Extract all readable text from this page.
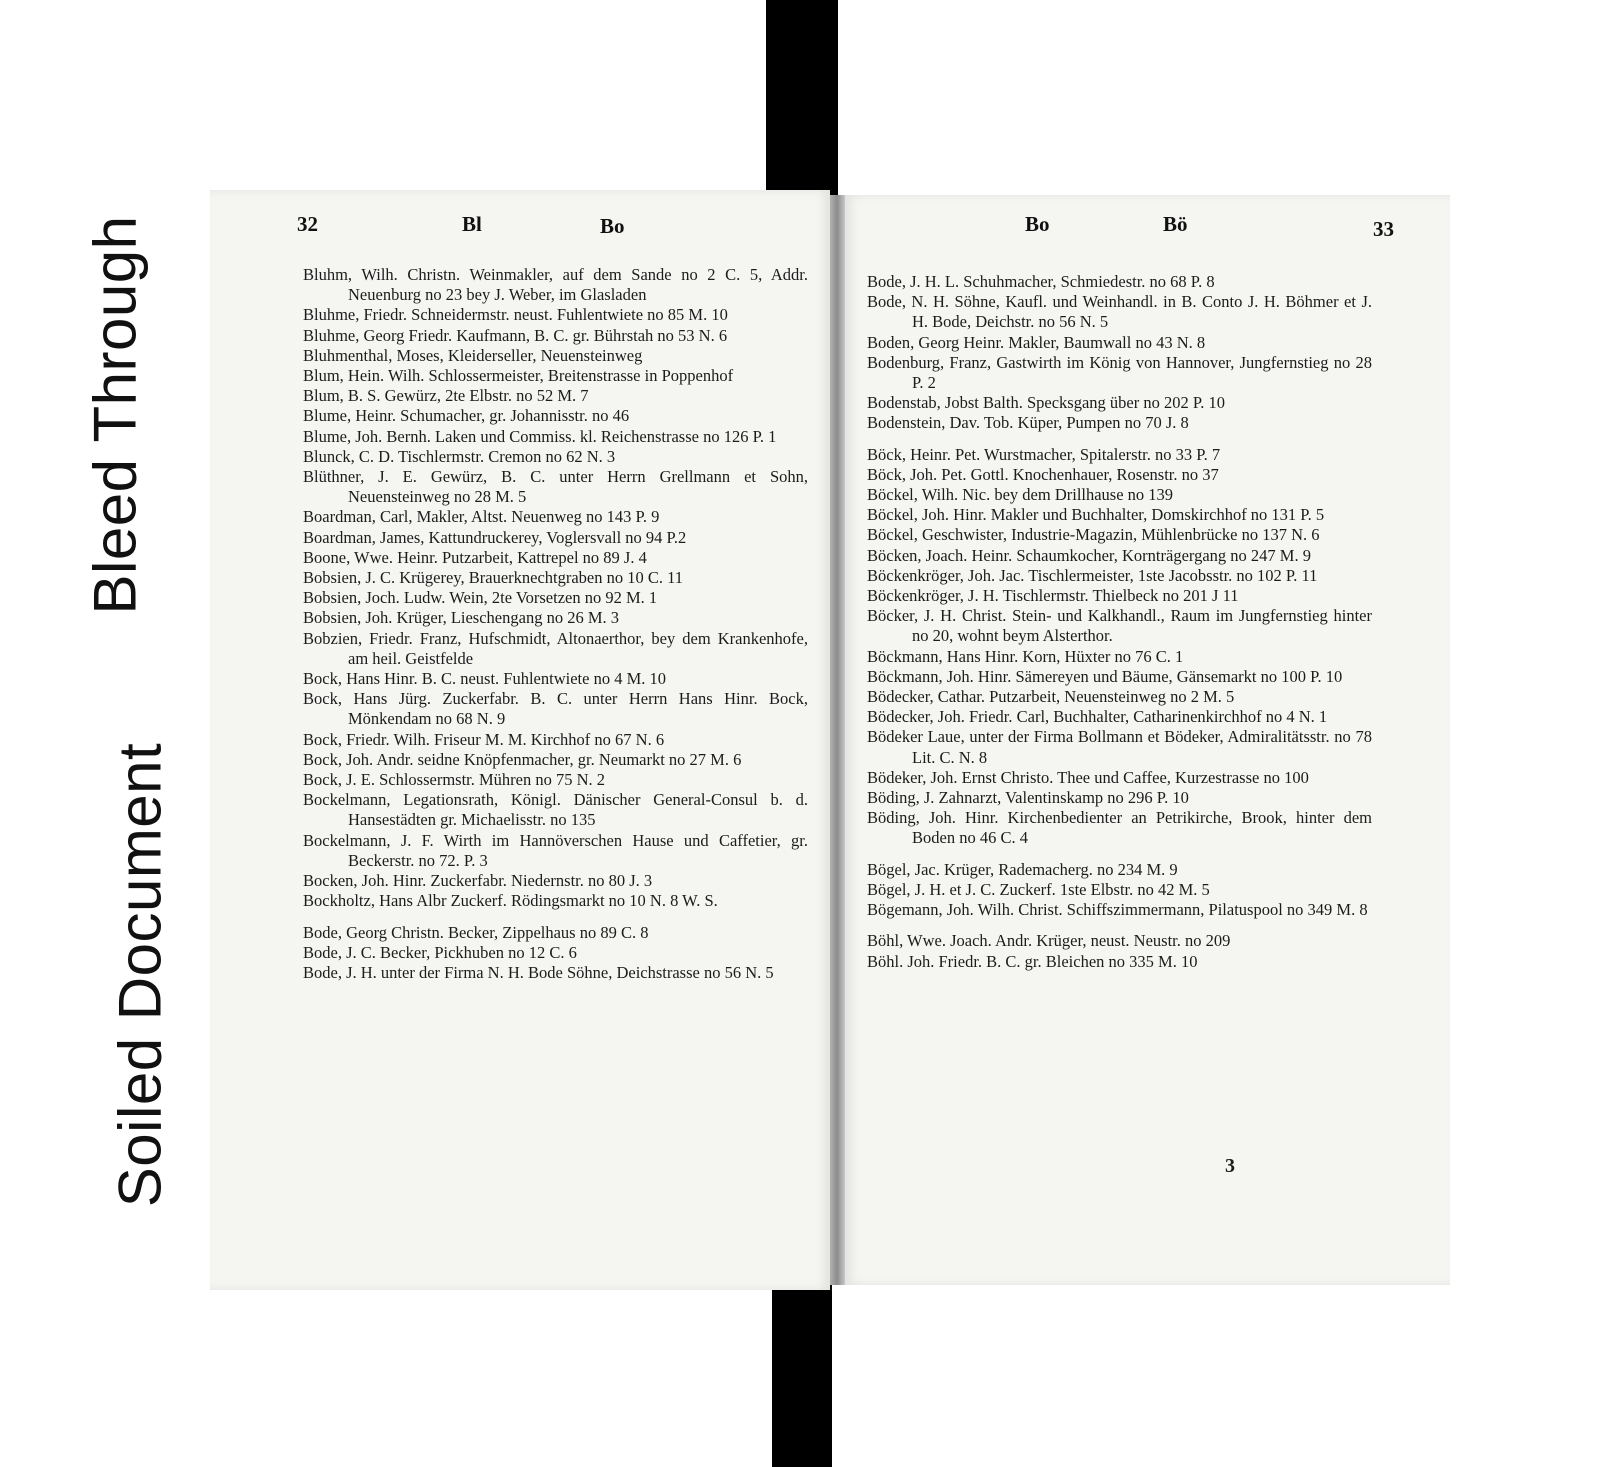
Bleed Through
Soiled Document
32	Bl	Bo
Bluhm, Wilh. Christn. Weinmakler, auf dem Sande no 2 C. 5, Addr. Neuenburg no 23 bey J. Weber, im Glasladen
Bluhme, Friedr. Schneidermstr. neust. Fuhlentwiete no 85 M. 10
Bluhme, Georg Friedr. Kaufmann, B. C. gr. Bührstah no 53 N. 6
Bluhmenthal, Moses, Kleiderseller, Neuensteinweg
Blum, Hein. Wilh. Schlossermeister, Breitenstrasse in Poppenhof
Blum, B. S. Gewürz, 2te Elbstr. no 52 M. 7
Blume, Heinr. Schumacher, gr. Johannisstr. no 46
Blume, Joh. Bernh. Laken und Commiss. kl. Reichenstrasse no 126 P. 1
Blunck, C. D. Tischlermstr. Cremon no 62 N. 3
Blüthner, J. E. Gewürz, B. C. unter Herrn Grellmann et Sohn, Neuensteinweg no 28 M. 5
Boardman, Carl, Makler, Altst. Neuenweg no 143 P. 9
Boardman, James, Kattundruckerey, Voglersvall no 94 P.2
Boone, Wwe. Heinr. Putzarbeit, Kattrepel no 89 J. 4
Bobsien, J. C. Krügerey, Brauerknechtgraben no 10 C. 11
Bobsien, Joch. Ludw. Wein, 2te Vorsetzen no 92 M. 1
Bobsien, Joh. Krüger, Lieschengang no 26 M. 3
Bobzien, Friedr. Franz, Hufschmidt, Altonaerthor, bey dem Krankenhofe, am heil. Geistfelde
Bock, Hans Hinr. B. C. neust. Fuhlentwiete no 4 M. 10
Bock, Hans Jürg. Zuckerfabr. B. C. unter Herrn Hans Hinr. Bock, Mönkendam no 68 N. 9
Bock, Friedr. Wilh. Friseur M. M. Kirchhof no 67 N. 6
Bock, Joh. Andr. seidne Knöpfenmacher, gr. Neumarkt no 27 M. 6
Bock, J. E. Schlossermstr. Mühren no 75 N. 2
Bockelmann, Legationsrath, Königl. Dänischer General-Consul b. d. Hansestädten gr. Michaelisstr. no 135
Bockelmann, J. F. Wirth im Hannöverschen Hause und Caffetier, gr. Beckerstr. no 72. P. 3
Bocken, Joh. Hinr. Zuckerfabr. Niedernstr. no 80 J. 3
Bockholtz, Hans Albr Zuckerf. Rödingsmarkt no 10 N. 8 W. S.
Bode, Georg Christn. Becker, Zippelhaus no 89 C. 8
Bode, J. C. Becker, Pickhuben no 12 C. 6
Bode, J. H. unter der Firma N. H. Bode Söhne, Deichstrasse no 56 N. 5
Bo	Bö	33
Bode, J. H. L. Schuhmacher, Schmiedestr. no 68 P. 8
Bode, N. H. Söhne, Kaufl. und Weinhandl. in B. Conto J. H. Böhmer et J. H. Bode, Deichstr. no 56 N. 5
Boden, Georg Heinr. Makler, Baumwall no 43 N. 8
Bodenburg, Franz, Gastwirth im König von Hannover, Jungfernstieg no 28 P. 2
Bodenstab, Jobst Balth. Specksgang über no 202 P. 10
Bodenstein, Dav. Tob. Küper, Pumpen no 70 J. 8
Böck, Heinr. Pet. Wurstmacher, Spitalerstr. no 33 P. 7
Böck, Joh. Pet. Gottl. Knochenhauer, Rosenstr. no 37
Böckel, Wilh. Nic. bey dem Drillhause no 139
Böckel, Joh. Hinr. Makler und Buchhalter, Domskirchhof no 131 P. 5
Böckel, Geschwister, Industrie-Magazin, Mühlenbrücke no 137 N. 6
Böcken, Joach. Heinr. Schaumkocher, Kornträgergang no 247 M. 9
Böckenkröger, Joh. Jac. Tischlermeister, 1ste Jacobsstr. no 102 P. 11
Böckenkröger, J. H. Tischlermstr. Thielbeck no 201 J 11
Böcker, J. H. Christ. Stein- und Kalkhandl., Raum im Jungfernstieg hinter no 20, wohnt beym Alsterthor.
Böckmann, Hans Hinr. Korn, Hüxter no 76 C. 1
Böckmann, Joh. Hinr. Sämereyen und Bäume, Gänsemarkt no 100 P. 10
Bödecker, Cathar. Putzarbeit, Neuensteinweg no 2 M. 5
Bödecker, Joh. Friedr. Carl, Buchhalter, Catharinenkirchhof no 4 N. 1
Bödeker Laue, unter der Firma Bollmann et Bödeker, Admiralitätsstr. no 78 Lit. C. N. 8
Bödeker, Joh. Ernst Christo. Thee und Caffee, Kurzestrasse no 100
Böding, J. Zahnarzt, Valentinskamp no 296 P. 10
Böding, Joh. Hinr. Kirchenbedienter an Petrikirche, Brook, hinter dem Boden no 46 C. 4
Bögel, Jac. Krüger, Rademacherg. no 234 M. 9
Bögel, J. H. et J. C. Zuckerf. 1ste Elbstr. no 42 M. 5
Bögemann, Joh. Wilh. Christ. Schiffszimmermann, Pilatuspool no 349 M. 8
Böhl, Wwe. Joach. Andr. Krüger, neust. Neustr. no 209
Böhl. Joh. Friedr. B. C. gr. Bleichen no 335 M. 10
3
